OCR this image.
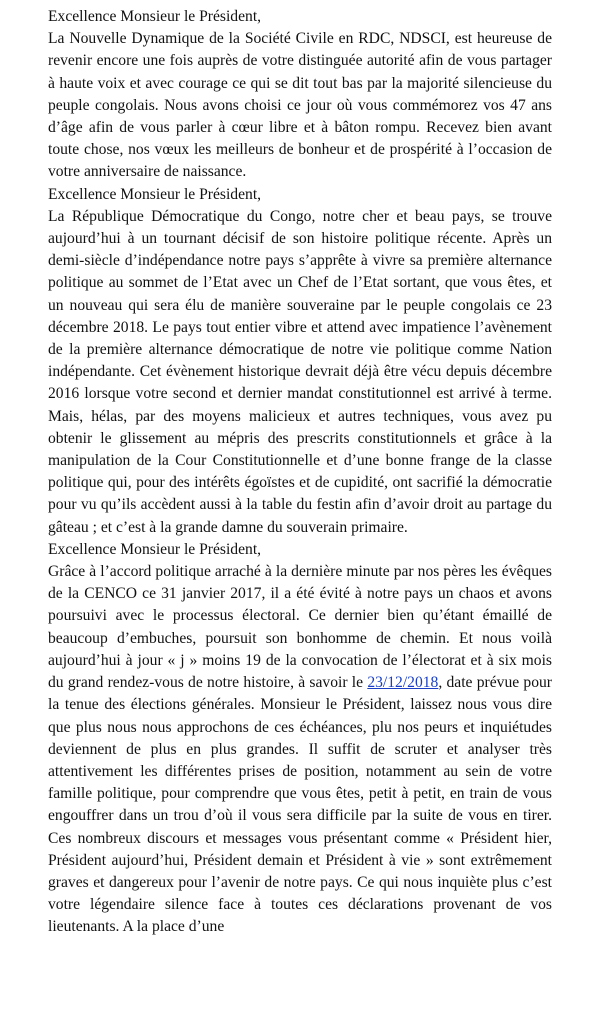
Excellence Monsieur le Président,

La Nouvelle Dynamique de la Société Civile en RDC, NDSCI, est heureuse de revenir encore une fois auprès de votre distinguée autorité afin de vous partager à haute voix et avec courage ce qui se dit tout bas par la majorité silencieuse du peuple congolais. Nous avons choisi ce jour où vous commémorez vos 47 ans d’âge afin de vous parler à cœur libre et à bâton rompu. Recevez bien avant toute chose, nos vœux les meilleurs de bonheur et de prospérité à l’occasion de votre anniversaire de naissance.

Excellence Monsieur le Président,

La République Démocratique du Congo, notre cher et beau pays, se trouve aujourd’hui à un tournant décisif de son histoire politique récente. Après un demi-siècle d’indépendance notre pays s’apprête à vivre sa première alternance politique au sommet de l’Etat avec un Chef de l’Etat sortant, que vous êtes, et un nouveau qui sera élu de manière souveraine par le peuple congolais ce 23 décembre 2018. Le pays tout entier vibre et attend avec impatience l’avènement de la première alternance démocratique de notre vie politique comme Nation indépendante. Cet évènement historique devrait déjà être vécu depuis décembre 2016 lorsque votre second et dernier mandat constitutionnel est arrivé à terme. Mais, hélas, par des moyens malicieux et autres techniques, vous avez pu obtenir le glissement au mépris des prescrits constitutionnels et grâce à la manipulation de la Cour Constitutionnelle et d’une bonne frange de la classe politique qui, pour des intérêts égoïstes et de cupidité, ont sacrifié la démocratie pour vu qu’ils accèdent aussi à la table du festin afin d’avoir droit au partage du gâteau ; et c’est à la grande damne du souverain primaire.

Excellence Monsieur le Président,

Grâce à l’accord politique arraché à la dernière minute par nos pères les évêques de la CENCO ce 31 janvier 2017, il a été évité à notre pays un chaos et avons poursuivi avec le processus électoral. Ce dernier bien qu’étant émaillé de beaucoup d’embuches, poursuit son bonhomme de chemin. Et nous voilà aujourd’hui à jour « j » moins 19 de la convocation de l’électorat et à six mois du grand rendez-vous de notre histoire, à savoir le 23/12/2018, date prévue pour la tenue des élections générales. Monsieur le Président, laissez nous vous dire que plus nous nous approchons de ces échéances, plu nos peurs et inquiétudes deviennent de plus en plus grandes. Il suffit de scruter et analyser très attentivement les différentes prises de position, notamment au sein de votre famille politique, pour comprendre que vous êtes, petit à petit, en train de vous engouffrer dans un trou d’où il vous sera difficile par la suite de vous en tirer. Ces nombreux discours et messages vous présentant comme « Président hier, Président aujourd’hui, Président demain et Président à vie » sont extrêmement graves et dangereux pour l’avenir de notre pays. Ce qui nous inquiète plus c’est votre légendaire silence face à toutes ces déclarations provenant de vos lieutenants. A la place d’une
